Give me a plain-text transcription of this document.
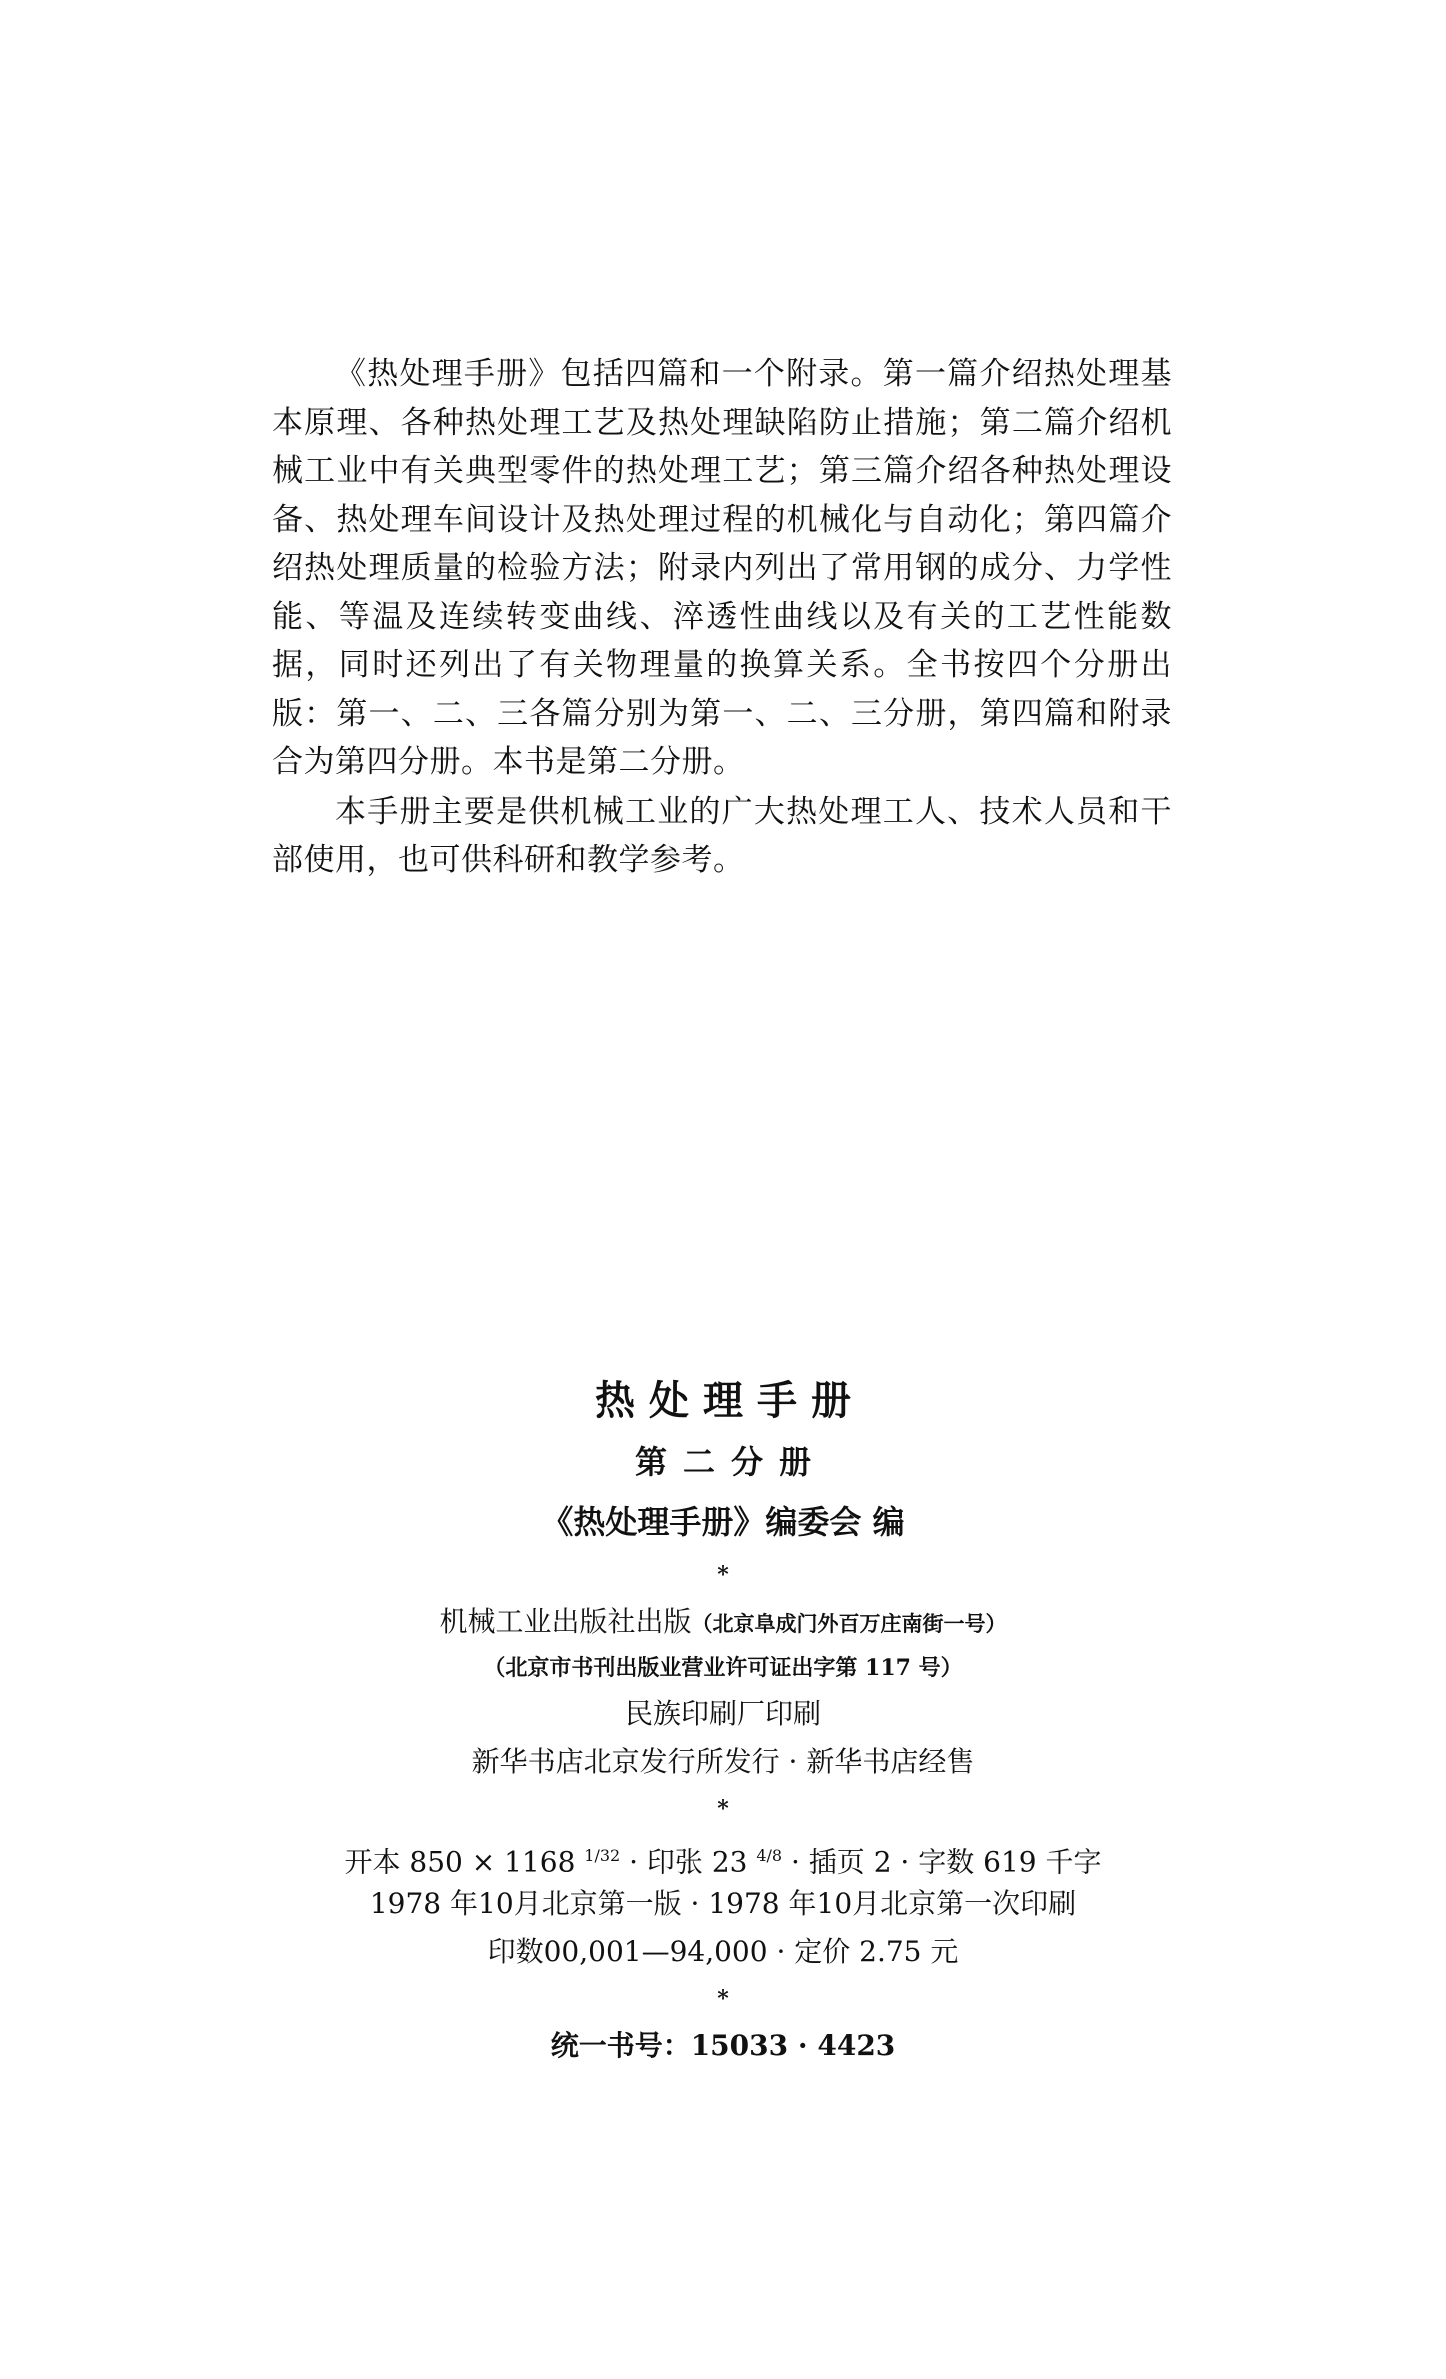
《热处理手册》包括四篇和一个附录。第一篇介绍热处理基本原理、各种热处理工艺及热处理缺陷防止措施；第二篇介绍机械工业中有关典型零件的热处理工艺；第三篇介绍各种热处理设备、热处理车间设计及热处理过程的机械化与自动化；第四篇介绍热处理质量的检验方法；附录内列出了常用钢的成分、力学性能、等温及连续转变曲线、淬透性曲线以及有关的工艺性能数据，同时还列出了有关物理量的换算关系。全书按四个分册出版：第一、二、三各篇分别为第一、二、三分册，第四篇和附录合为第四分册。本书是第二分册。

本手册主要是供机械工业的广大热处理工人、技术人员和干部使用，也可供科研和教学参考。

热处理手册
第二分册
《热处理手册》编委会 编
*
机械工业出版社出版（北京阜成门外百万庄南街一号）
（北京市书刊出版业营业许可证出字第 117 号）
民族印刷厂印刷
新华书店北京发行所发行 · 新华书店经售
*
开本 850 × 1168 $^{1/32}$ · 印张 23 $^{4/8}$ · 插页 2 · 字数 619 千字
1978 年10月北京第一版 · 1978 年10月北京第一次印刷
印数00,001—94,000 · 定价 2.75 元
*
统一书号：15033 · 4423
